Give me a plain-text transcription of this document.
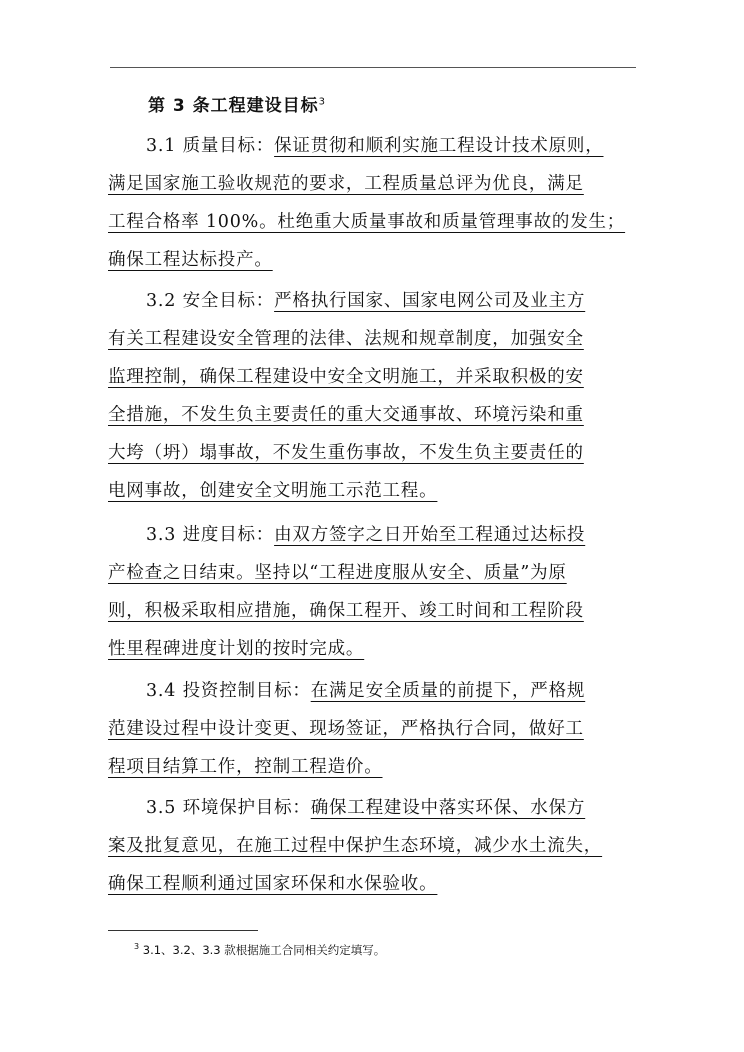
第 3 条工程建设目标$^3$
3.1 质量目标：保证贯彻和顺利实施工程设计技术原则，
满足国家施工验收规范的要求，工程质量总评为优良，满足
工程合格率 100%。杜绝重大质量事故和质量管理事故的发生；
确保工程达标投产。
3.2 安全目标：严格执行国家、国家电网公司及业主方
有关工程建设安全管理的法律、法规和规章制度，加强安全
监理控制，确保工程建设中安全文明施工，并采取积极的安
全措施，不发生负主要责任的重大交通事故、环境污染和重
大垮（坍）塌事故，不发生重伤事故，不发生负主要责任的
电网事故，创建安全文明施工示范工程。
3.3 进度目标：由双方签字之日开始至工程通过达标投
产检查之日结束。坚持以“工程进度服从安全、质量”为原
则，积极采取相应措施，确保工程开、竣工时间和工程阶段
性里程碑进度计划的按时完成。
3.4 投资控制目标：在满足安全质量的前提下，严格规
范建设过程中设计变更、现场签证，严格执行合同，做好工
程项目结算工作，控制工程造价。
3.5 环境保护目标：确保工程建设中落实环保、水保方
案及批复意见，在施工过程中保护生态环境，减少水土流失，
确保工程顺利通过国家环保和水保验收。
$^3$ 3.1、3.2、3.3 款根据施工合同相关约定填写。
